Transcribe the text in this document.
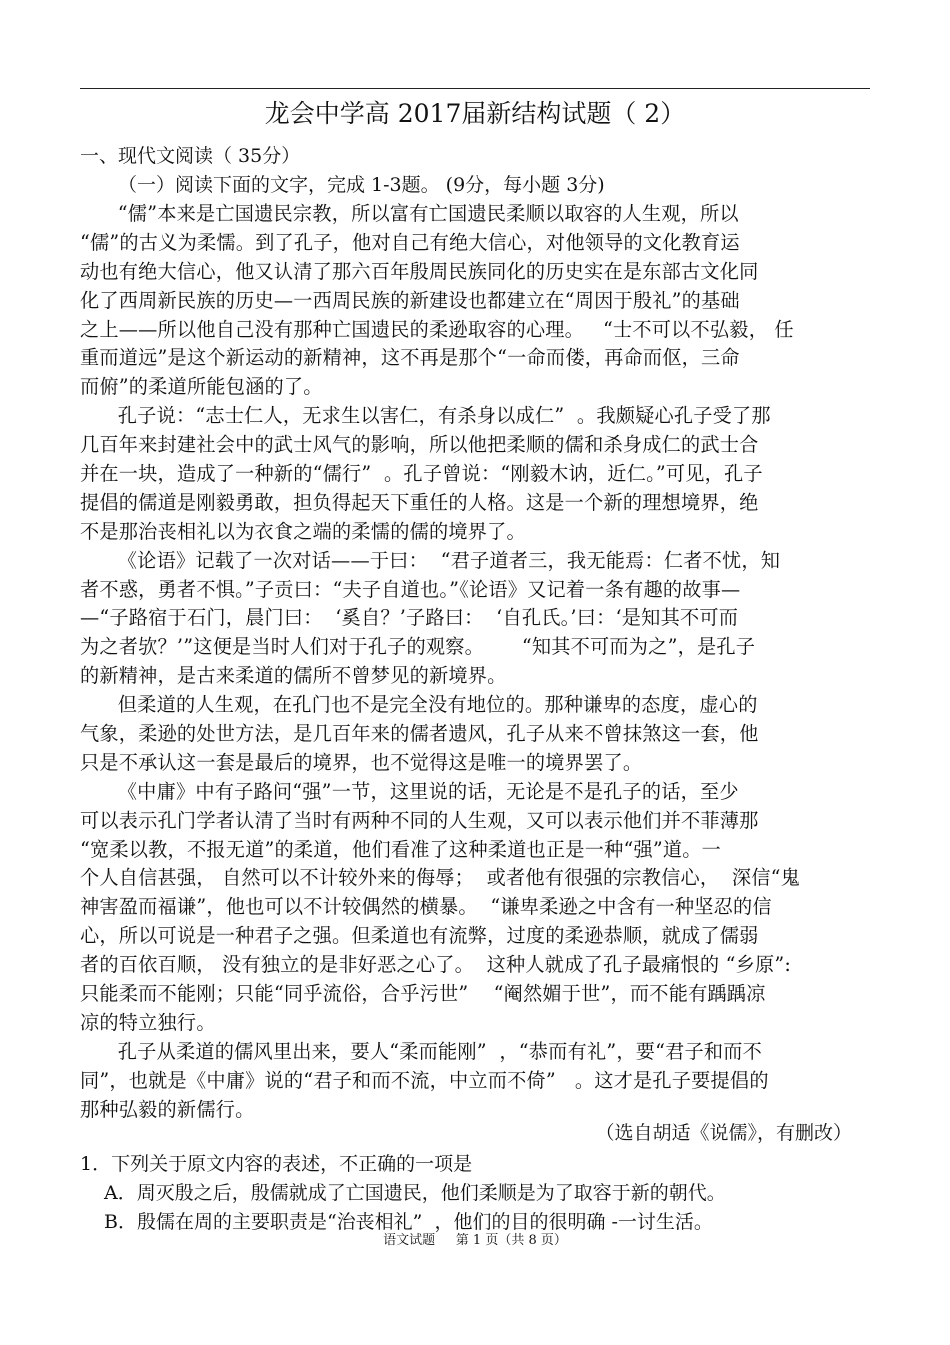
龙会中学高 2017届新结构试题（ 2）
一、现代文阅读（ 35分）
（一）阅读下面的文字，完成 1-3题。 (9分，每小题 3分)
“儒”本来是亡国遗民宗教，所以富有亡国遗民柔顺以取容的人生观，所以
“儒”的古义为柔懦。到了孔子，他对自己有绝大信心，对他领导的文化教育运
动也有绝大信心，他又认清了那六百年殷周民族同化的历史实在是东部古文化同
化了西周新民族的历史—一西周民族的新建设也都建立在“周因于殷礼”的基础
之上——所以他自己没有那种亡国遗民的柔逊取容的心理。   “士不可以不弘毅， 任
重而道远”是这个新运动的新精神，这不再是那个“一命而偻，再命而伛，三命
而俯”的柔道所能包涵的了。
孔子说：“志士仁人，无求生以害仁，有杀身以成仁”  。我颇疑心孔子受了那
几百年来封建社会中的武士风气的影响，所以他把柔顺的儒和杀身成仁的武士合
并在一块，造成了一种新的“儒行”  。孔子曾说：“刚毅木讷，近仁。”可见，孔子
提倡的儒道是刚毅勇敢，担负得起天下重任的人格。这是一个新的理想境界，绝
不是那治丧相礼以为衣食之端的柔懦的儒的境界了。
《论语》记载了一次对话——于曰：  “君子道者三，我无能焉：仁者不忧，知
者不惑，勇者不惧。”子贡曰：“夫子自道也。”《论语》又记着一条有趣的故事—
—“子路宿于石门，晨门曰：  ‘奚自？’子路曰：  ‘自孔氏。’曰：‘是知其不可而
为之者欤？’”这便是当时人们对于孔子的观察。      “知其不可而为之”，是孔子
的新精神，是古来柔道的儒所不曾梦见的新境界。
但柔道的人生观，在孔门也不是完全没有地位的。那种谦卑的态度，虚心的
气象，柔逊的处世方法，是几百年来的儒者遗风，孔子从来不曾抹煞这一套，他
只是不承认这一套是最后的境界，也不觉得这是唯一的境界罢了。
《中庸》中有子路问“强”一节，这里说的话，无论是不是孔子的话，至少
可以表示孔门学者认清了当时有两种不同的人生观，又可以表示他们并不菲薄那
“宽柔以教，不报无道”的柔道，他们看准了这种柔道也正是一种“强”道。一
个人自信甚强， 自然可以不计较外来的侮辱；  或者他有很强的宗教信心，  深信“鬼
神害盈而福谦”，他也可以不计较偶然的横暴。  “谦卑柔逊之中含有一种坚忍的信
心，所以可说是一种君子之强。但柔道也有流弊，过度的柔逊恭顺，就成了儒弱
者的百依百顺， 没有独立的是非好恶之心了。  这种人就成了孔子最痛恨的 “乡原”:
只能柔而不能刚；只能“同乎流俗，合乎污世”    “阉然媚于世”，而不能有踽踽凉
凉的特立独行。
孔子从柔道的儒风里出来，要人“柔而能刚”  ，“恭而有礼”，要“君子和而不
同”，也就是《中庸》说的“君子和而不流，中立而不倚”   。这才是孔子要提倡的
那种弘毅的新儒行。
（选自胡适《说儒》，有删改）
1．下列关于原文内容的表述，不正确的一项是
A．周灭殷之后，殷儒就成了亡国遗民，他们柔顺是为了取容于新的朝代。
B．殷儒在周的主要职责是“治丧相礼”  ，他们的目的很明确 -一讨生活。
语文试题     第 1 页（共 8 页）
